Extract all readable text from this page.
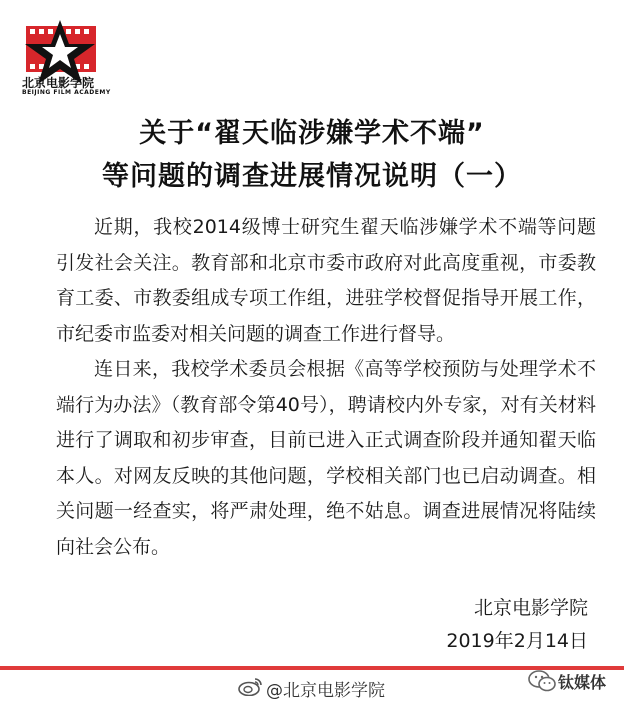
北京电影学院
BEIJING FILM ACADEMY
关于“翟天临涉嫌学术不端”
等问题的调查进展情况说明（一）

近期，我校2014级博士研究生翟天临涉嫌学术不端等问题引发社会关注。教育部和北京市委市政府对此高度重视，市委教育工委、市教委组成专项工作组，进驻学校督促指导开展工作，市纪委市监委对相关问题的调查工作进行督导。

连日来，我校学术委员会根据《高等学校预防与处理学术不端行为办法》（教育部令第40号），聘请校内外专家，对有关材料进行了调取和初步审查，目前已进入正式调查阶段并通知翟天临本人。对网友反映的其他问题，学校相关部门也已启动调查。相关问题一经查实，将严肃处理，绝不姑息。调查进展情况将陆续向社会公布。

北京电影学院
2019年2月14日
@北京电影学院	钛媒体
